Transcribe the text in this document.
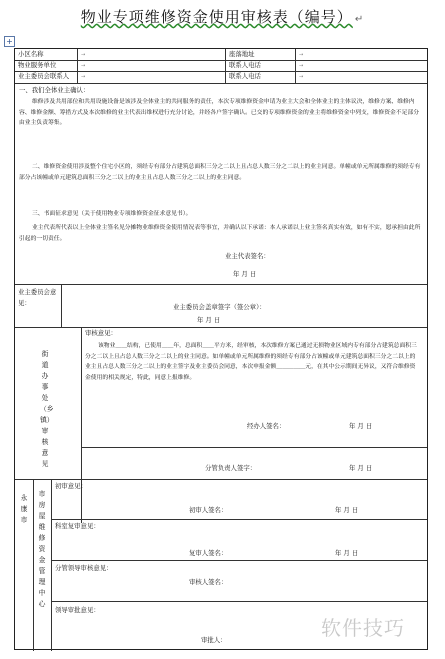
物业专项维修资金使用审核表（编号） ↵
+
小区名称	→	座落地址	→
物业服务单位	→	联系人电话	→
业主委员会联系人 →	联系人电话	→
一、我们全体业主确认：
维修涉及共用部位和共用设施设备是该涉及全体业主的共同服务的责任，本次专项维修资金申请为业主大会和全体业主的主体议决，维修方案、维修内容、维修金额、筹措方式及本次维修的业主代表出维权进行充分讨论，并经各户签字确认。已交的专项维修资金的业主将维修资金中列支，维修资金不足部分由业主负责筹集。
二、维修资金使用涉及整个住宅小区的，须经专有部分占建筑总面积三分之二以上且占总人数三分之二以上的业主同意。单幢或单元所属维修的须经专有部分占该幢或单元建筑总面积三分之二以上的业主且占总人数三分之二以上的业主同意。
三、书面征求意见（关于使用物业专项维修资金征求意见书）。
业主代表所代表以上全体业主签名见分摊物业维修资金使用情况表等事宜，并确认以下承诺：本人承诺以上业主签名真实有效，如有不实，愿承担由此所引起的一切责任。
业主代表签名：
年 月 日
业主委员会意见：	业主委员会盖章签字（签公章）：
年 月 日
街道办事处（乡镇）审核意见
审核意见：
该物业＿＿结构，已使用＿＿年，总面积＿＿平方米，经审核，本次维修方案已通过无损物业区域内专有部分占建筑总面积三分之二以上且占总人数三分之二以上的业主同意。如单幢或单元所属维修的须经专有部分占该幢或单元建筑总面积三分之二以上的业主且占总人数三分之二以上的业主签字及业主委员会同意，本次申报金额＿＿＿＿＿元，在其中公示期间无异议，又符合维修资金使用的相关规定，特此，同意上报维修。
经办人签名：	年 月 日
分管负责人签字：	年 月 日
永康市
市房屋维修资金管理中心
初审意见：
初审人签名：	年 月 日
科室复审意见：
复审人签名：	年 月 日
分管领导审核意见：
审核人签名：
领导审批意见：
审批人：	软件技巧
